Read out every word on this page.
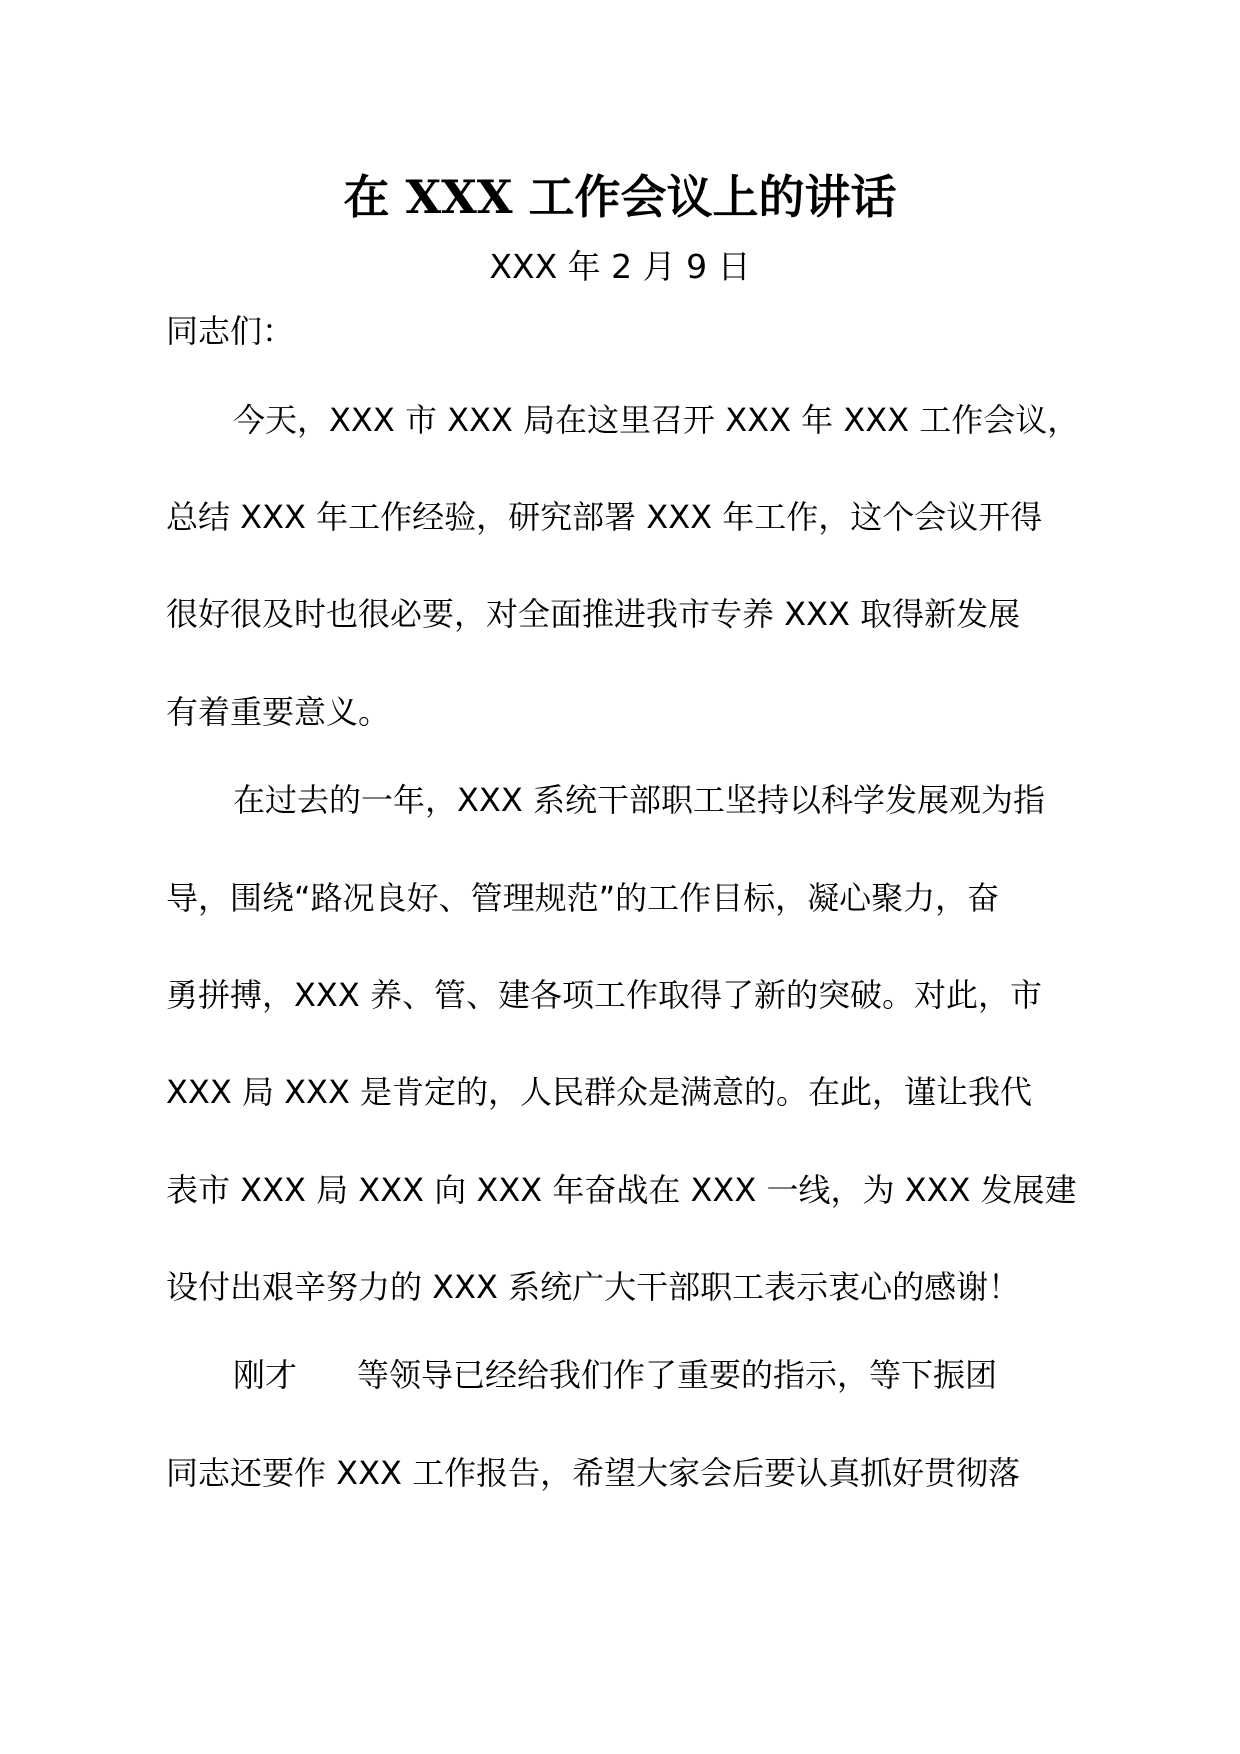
在 XXX 工作会议上的讲话
XXX 年 2 月 9 日
同志们：
今天，XXX 市 XXX 局在这里召开 XXX 年 XXX 工作会议，
总结 XXX 年工作经验，研究部署 XXX 年工作，这个会议开得
很好很及时也很必要，对全面推进我市专养 XXX 取得新发展
有着重要意义。
在过去的一年，XXX 系统干部职工坚持以科学发展观为指
导，围绕“路况良好、管理规范”的工作目标，凝心聚力，奋
勇拼搏，XXX 养、管、建各项工作取得了新的突破。对此，市
XXX 局 XXX 是肯定的，人民群众是满意的。在此，谨让我代
表市 XXX 局 XXX 向 XXX 年奋战在 XXX 一线，为 XXX 发展建
设付出艰辛努力的 XXX 系统广大干部职工表示衷心的感谢！
刚才 等领导已经给我们作了重要的指示，等下振团
同志还要作 XXX 工作报告，希望大家会后要认真抓好贯彻落
